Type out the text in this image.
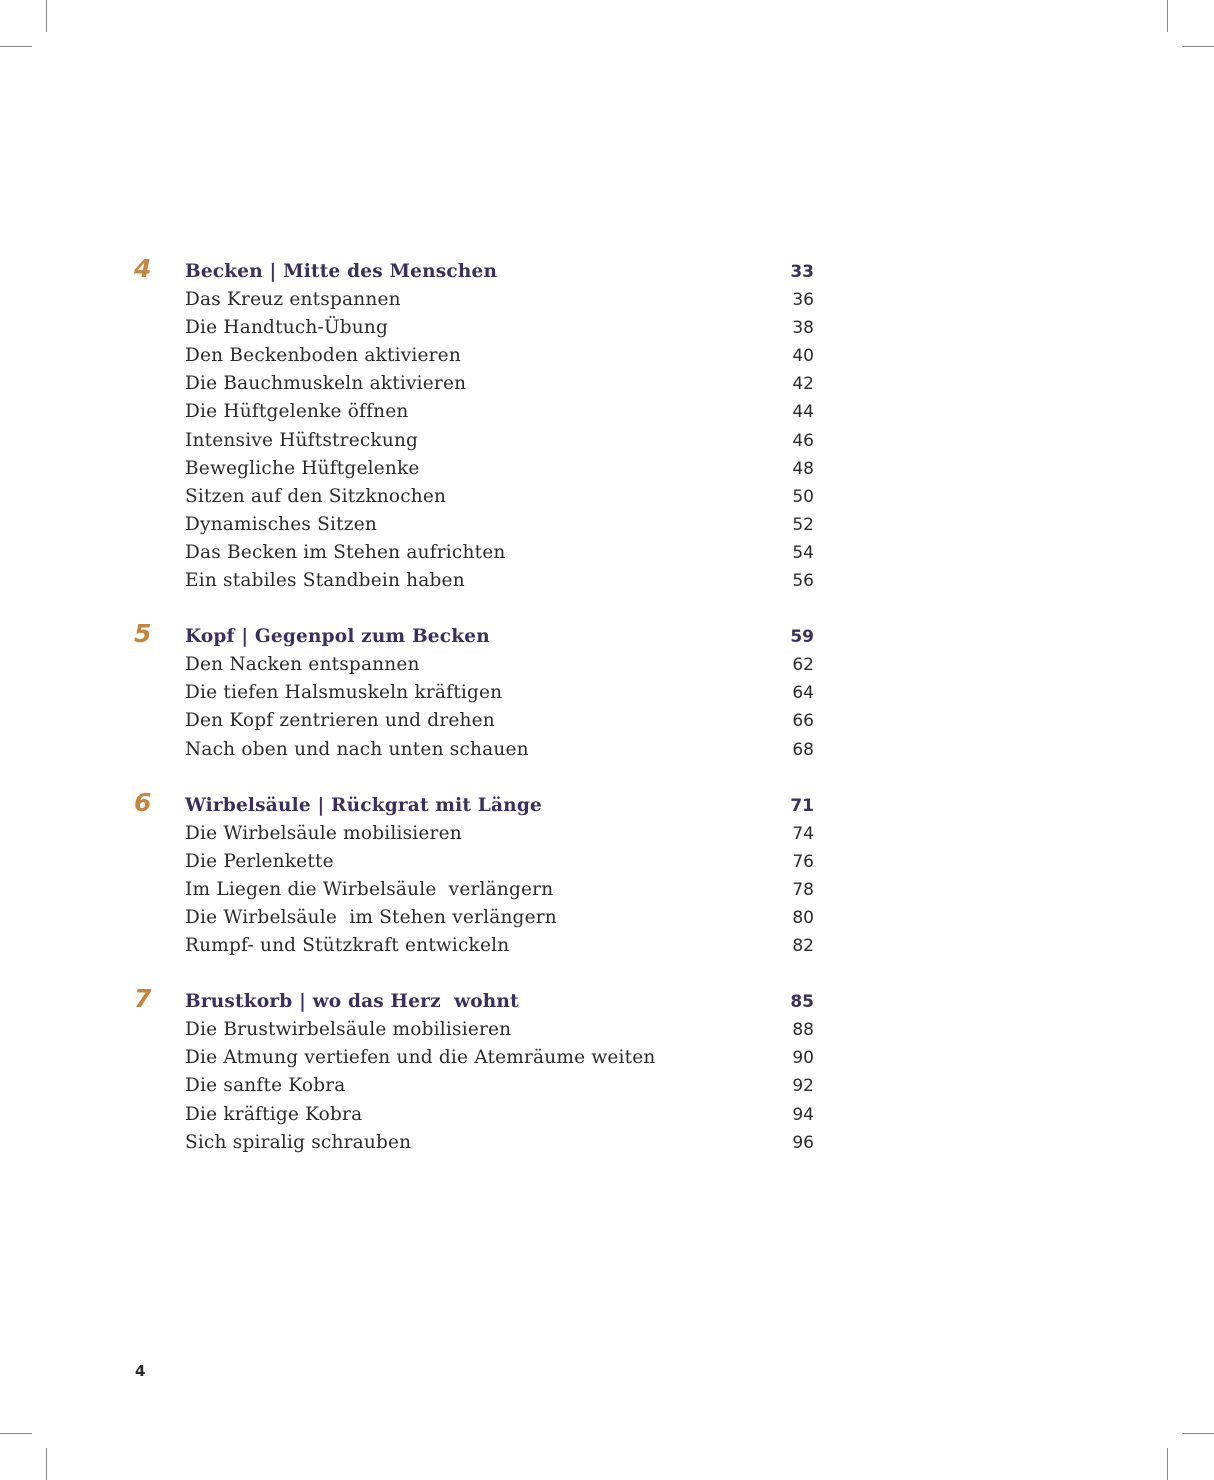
4 Becken | Mitte des Menschen	33
Das Kreuz entspannen	36
Die Handtuch-Übung	38
Den Beckenboden aktivieren	40
Die Bauchmuskeln aktivieren	42
Die Hüftgelenke öffnen	44
Intensive Hüftstreckung	46
Bewegliche Hüftgelenke	48
Sitzen auf den Sitzknochen	50
Dynamisches Sitzen	52
Das Becken im Stehen aufrichten	54
Ein stabiles Standbein haben	56
5 Kopf | Gegenpol zum Becken	59
Den Nacken entspannen	62
Die tiefen Halsmuskeln kräftigen	64
Den Kopf zentrieren und drehen	66
Nach oben und nach unten schauen	68
6 Wirbelsäule | Rückgrat mit Länge	71
Die Wirbelsäule mobilisieren	74
Die Perlenkette	76
Im Liegen die Wirbelsäule  verlängern	78
Die Wirbelsäule  im Stehen verlängern	80
Rumpf- und Stützkraft entwickeln	82
7 Brustkorb | wo das Herz  wohnt	85
Die Brustwirbelsäule mobilisieren	88
Die Atmung vertiefen und die Atemräume weiten	90
Die sanfte Kobra	92
Die kräftige Kobra	94
Sich spiralig schrauben	96
4
